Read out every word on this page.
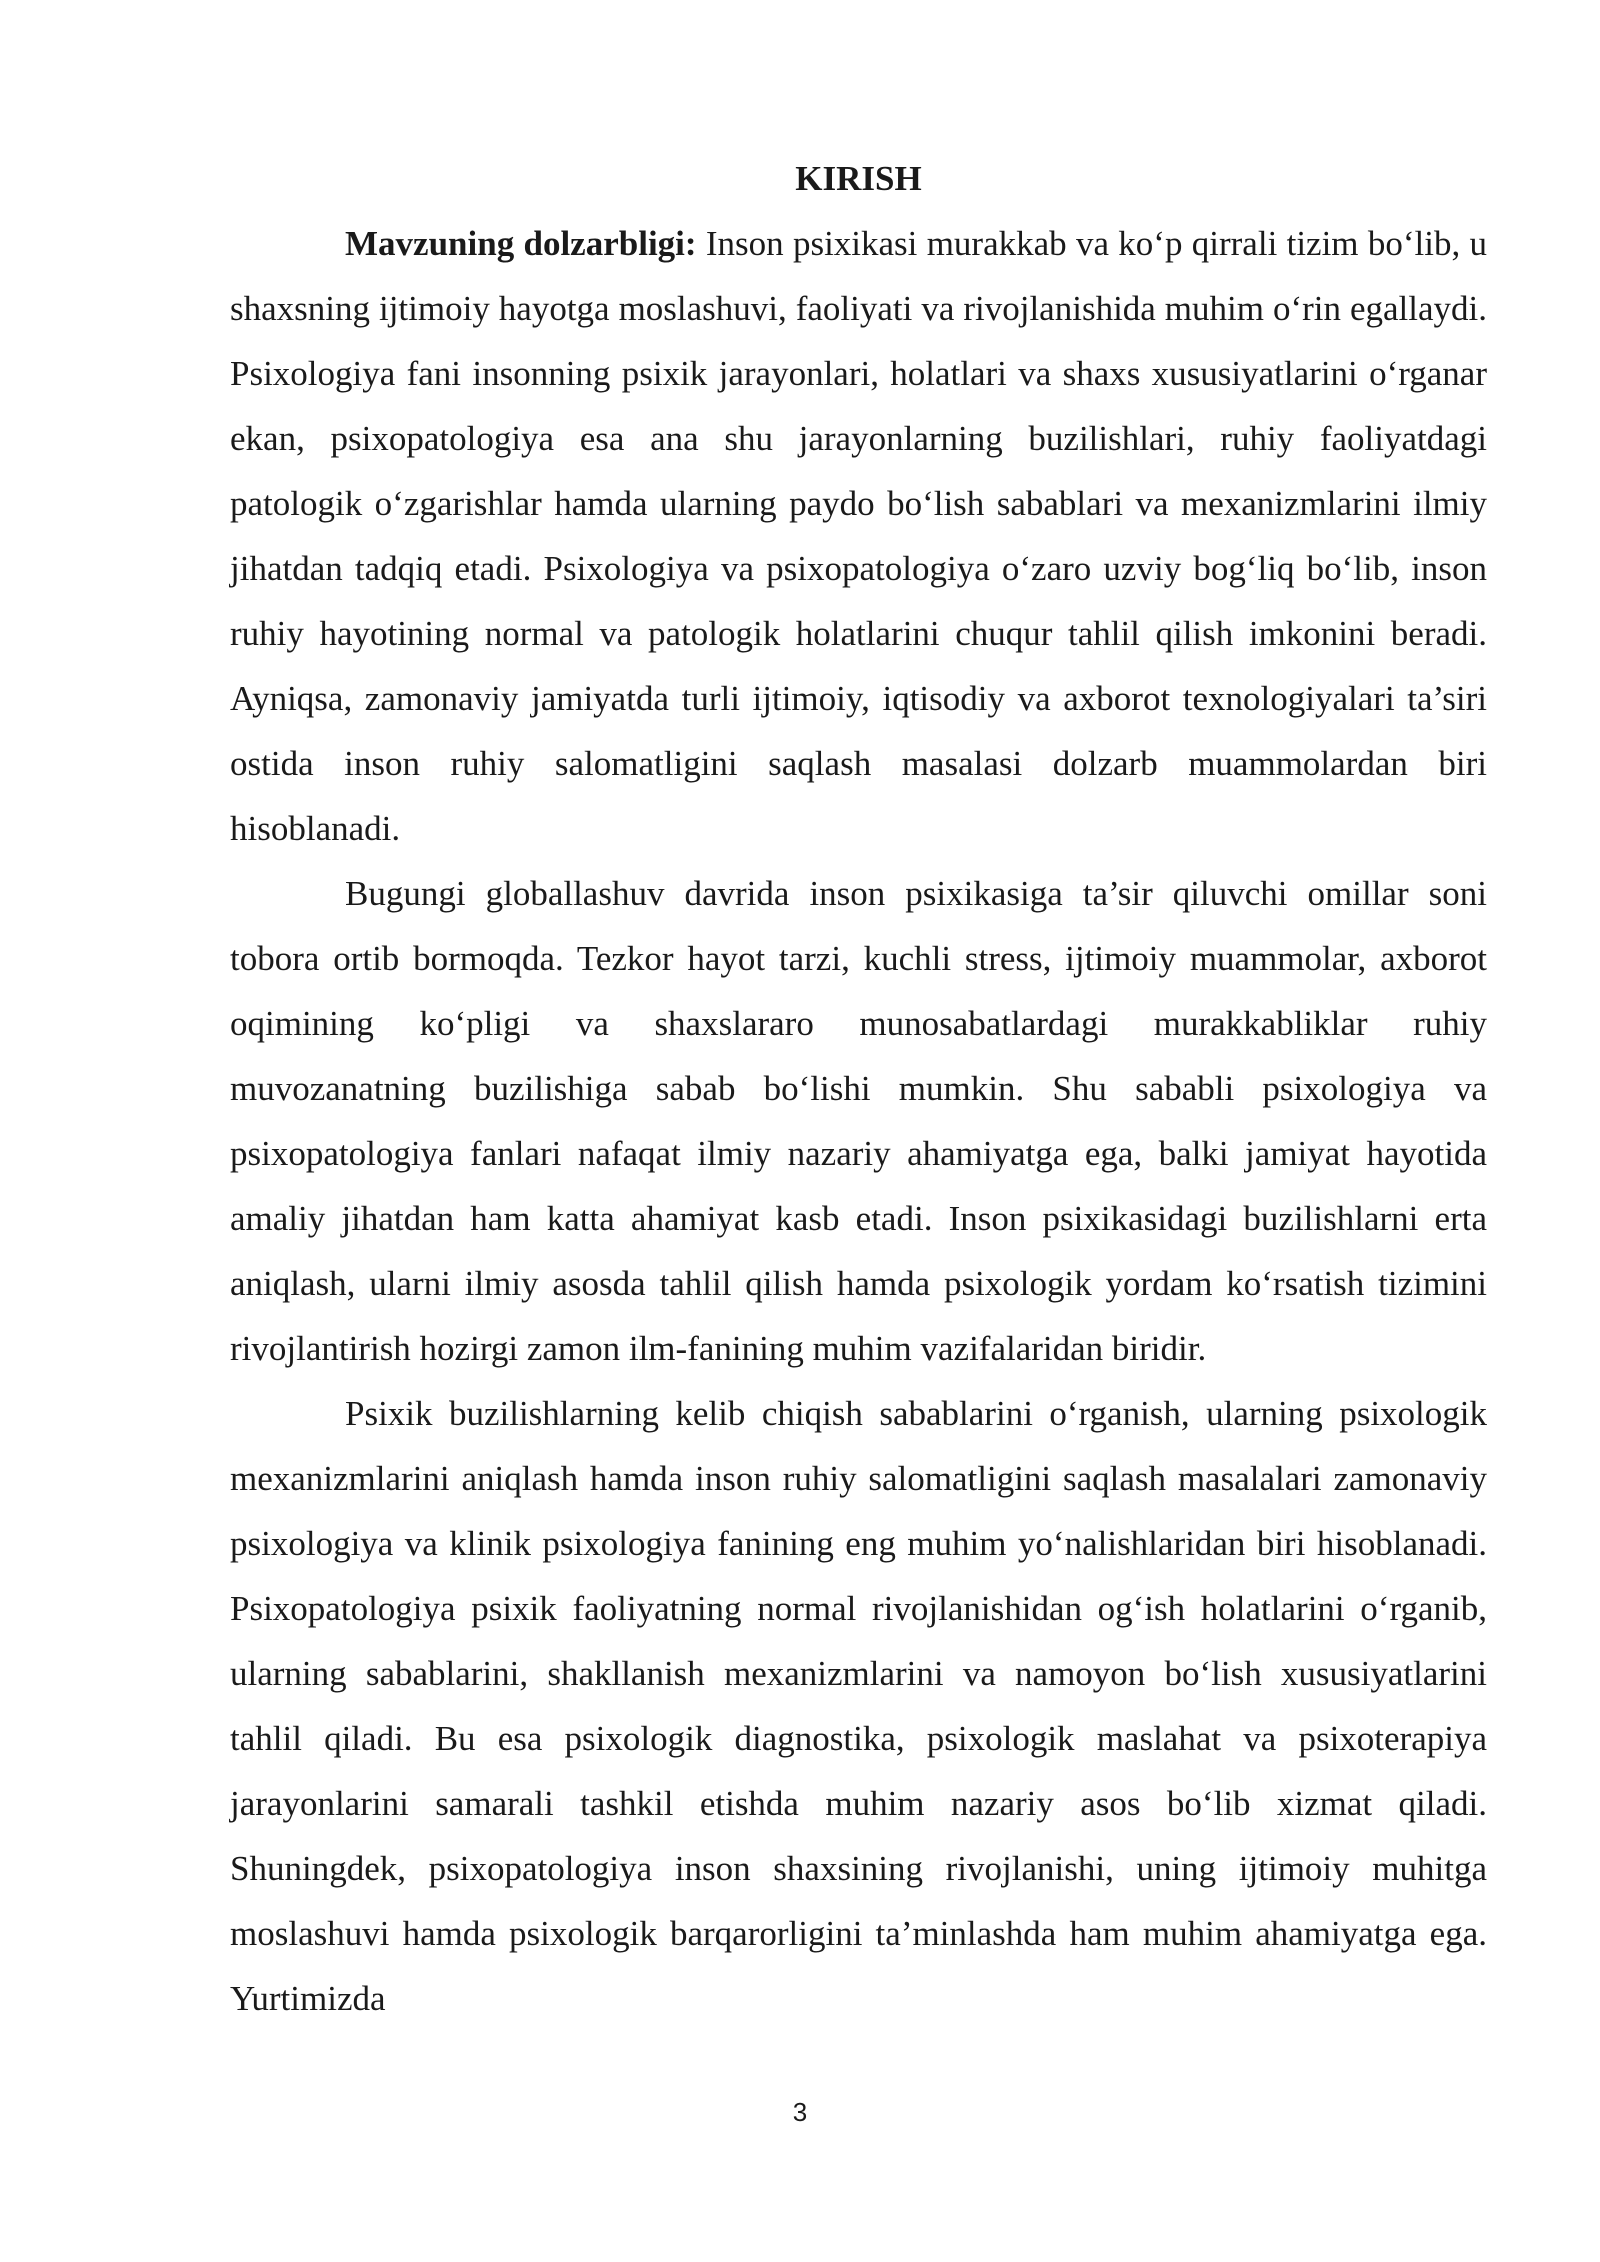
KIRISH

Mavzuning dolzarbligi: Inson psixikasi murakkab va ko‘p qirrali tizim bo‘lib, u shaxsning ijtimoiy hayotga moslashuvi, faoliyati va rivojlanishida muhim o‘rin egallaydi. Psixologiya fani insonning psixik jarayonlari, holatlari va shaxs xususiyatlarini o‘rganar ekan, psixopatologiya esa ana shu jarayonlarning buzilishlari, ruhiy faoliyatdagi patologik o‘zgarishlar hamda ularning paydo bo‘lish sabablari va mexanizmlarini ilmiy jihatdan tadqiq etadi. Psixologiya va psixopatologiya o‘zaro uzviy bog‘liq bo‘lib, inson ruhiy hayotining normal va patologik holatlarini chuqur tahlil qilish imkonini beradi. Ayniqsa, zamonaviy jamiyatda turli ijtimoiy, iqtisodiy va axborot texnologiyalari ta’siri ostida inson ruhiy salomatligini saqlash masalasi dolzarb muammolardan biri hisoblanadi.

Bugungi globallashuv davrida inson psixikasiga ta’sir qiluvchi omillar soni tobora ortib bormoqda. Tezkor hayot tarzi, kuchli stress, ijtimoiy muammolar, axborot oqimining ko‘pligi va shaxslararo munosabatlardagi murakkabliklar ruhiy muvozanatning buzilishiga sabab bo‘lishi mumkin. Shu sababli psixologiya va psixopatologiya fanlari nafaqat ilmiy nazariy ahamiyatga ega, balki jamiyat hayotida amaliy jihatdan ham katta ahamiyat kasb etadi. Inson psixikasidagi buzilishlarni erta aniqlash, ularni ilmiy asosda tahlil qilish hamda psixologik yordam ko‘rsatish tizimini rivojlantirish hozirgi zamon ilm-fanining muhim vazifalaridan biridir.

Psixik buzilishlarning kelib chiqish sabablarini o‘rganish, ularning psixologik mexanizmlarini aniqlash hamda inson ruhiy salomatligini saqlash masalalari zamonaviy psixologiya va klinik psixologiya fanining eng muhim yo‘nalishlaridan biri hisoblanadi. Psixopatologiya psixik faoliyatning normal rivojlanishidan og‘ish holatlarini o‘rganib, ularning sabablarini, shakllanish mexanizmlarini va namoyon bo‘lish xususiyatlarini tahlil qiladi. Bu esa psixologik diagnostika, psixologik maslahat va psixoterapiya jarayonlarini samarali tashkil etishda muhim nazariy asos bo‘lib xizmat qiladi. Shuningdek, psixopatologiya inson shaxsining rivojlanishi, uning ijtimoiy muhitga moslashuvi hamda psixologik barqarorligini ta’minlashda ham muhim ahamiyatga ega. Yurtimizda

3
